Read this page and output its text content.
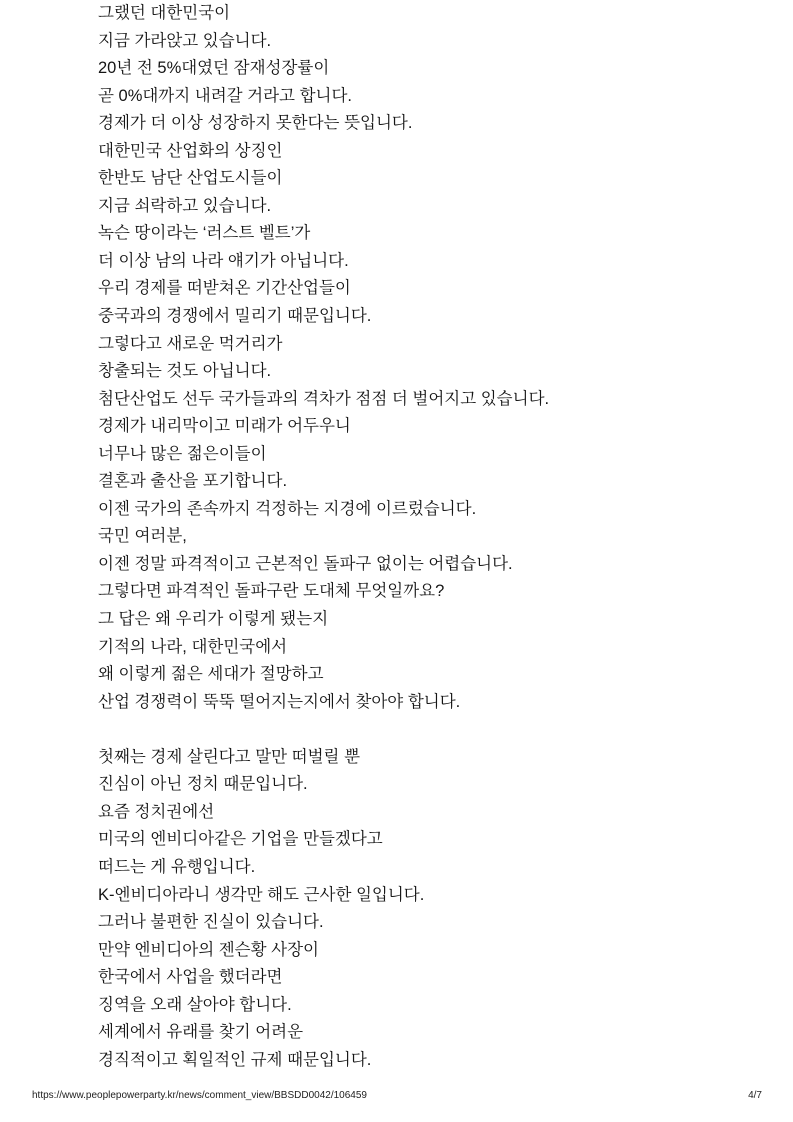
그랬던 대한민국이
지금 가라앉고 있습니다.
20년 전 5%대였던 잠재성장률이
곧 0%대까지 내려갈 거라고 합니다.
경제가 더 이상 성장하지 못한다는 뜻입니다.
대한민국 산업화의 상징인
한반도 남단 산업도시들이
지금 쇠락하고 있습니다.
녹슨 땅이라는 ‘러스트 벨트’가
더 이상 남의 나라 얘기가 아닙니다.
우리 경제를 떠받쳐온 기간산업들이
중국과의 경쟁에서 밀리기 때문입니다.
그렇다고 새로운 먹거리가
창출되는 것도 아닙니다.
첨단산업도 선두 국가들과의 격차가 점점 더 벌어지고 있습니다.
경제가 내리막이고 미래가 어두우니
너무나 많은 젊은이들이
결혼과 출산을 포기합니다.
이젠 국가의 존속까지 걱정하는 지경에 이르렀습니다.
국민 여러분,
이젠 정말 파격적이고 근본적인 돌파구 없이는 어렵습니다.
그렇다면 파격적인 돌파구란 도대체 무엇일까요?
그 답은 왜 우리가 이렇게 됐는지
기적의 나라, 대한민국에서
왜 이렇게 젊은 세대가 절망하고
산업 경쟁력이 뚝뚝 떨어지는지에서 찾아야 합니다.
첫째는 경제 살린다고 말만 떠벌릴 뿐
진심이 아닌 정치 때문입니다.
요즘 정치권에선
미국의 엔비디아같은 기업을 만들겠다고
떠드는 게 유행입니다.
K-엔비디아라니 생각만 해도 근사한 일입니다.
그러나 불편한 진실이 있습니다.
만약 엔비디아의 젠슨황 사장이
한국에서 사업을 했더라면
징역을 오래 살아야 합니다.
세계에서 유래를 찾기 어려운
경직적이고 획일적인 규제 때문입니다.
https://www.peoplepowerparty.kr/news/comment_view/BBSDD0042/106459	4/7
